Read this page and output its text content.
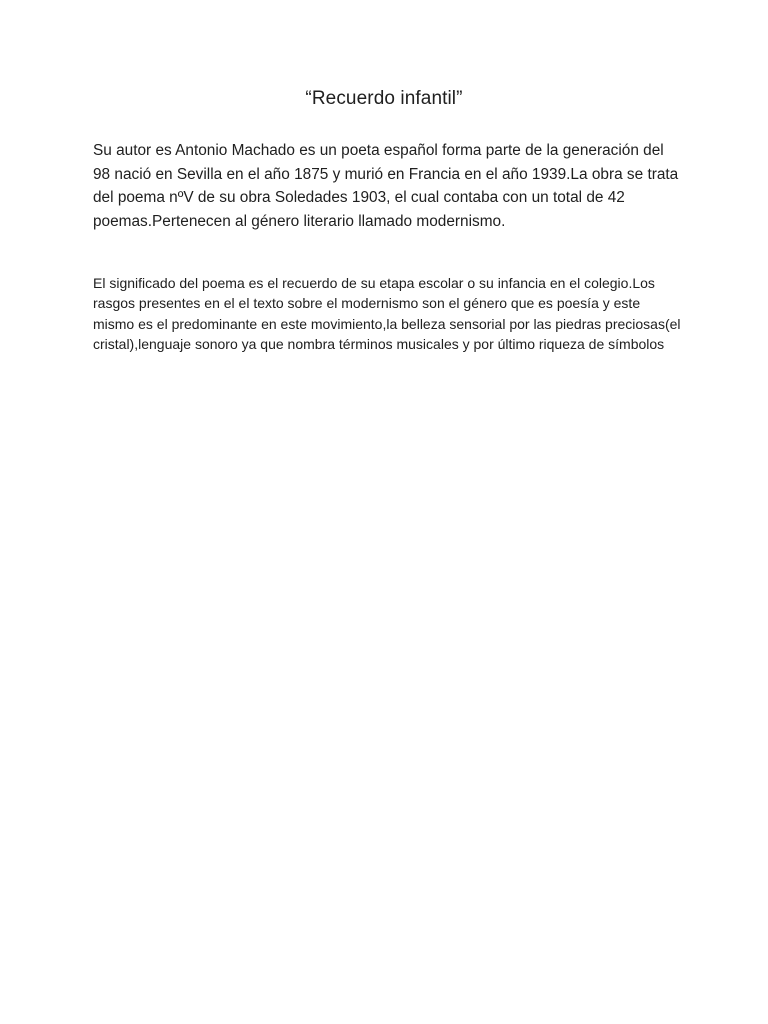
“Recuerdo infantil”

Su autor es Antonio Machado es un poeta español forma parte de la generación del 98 nació en Sevilla en el año 1875 y murió en Francia en el año 1939.La obra se trata del poema nºV de su obra Soledades 1903, el cual contaba con un total de 42 poemas.Pertenecen al género literario llamado modernismo.

El significado del poema es el recuerdo de su etapa escolar o su infancia en el colegio.Los rasgos presentes en el el texto sobre el modernismo son el género que es poesía y este mismo es el predominante en este movimiento,la belleza sensorial por las piedras preciosas(el cristal),lenguaje sonoro ya que nombra términos musicales y por último riqueza de símbolos
